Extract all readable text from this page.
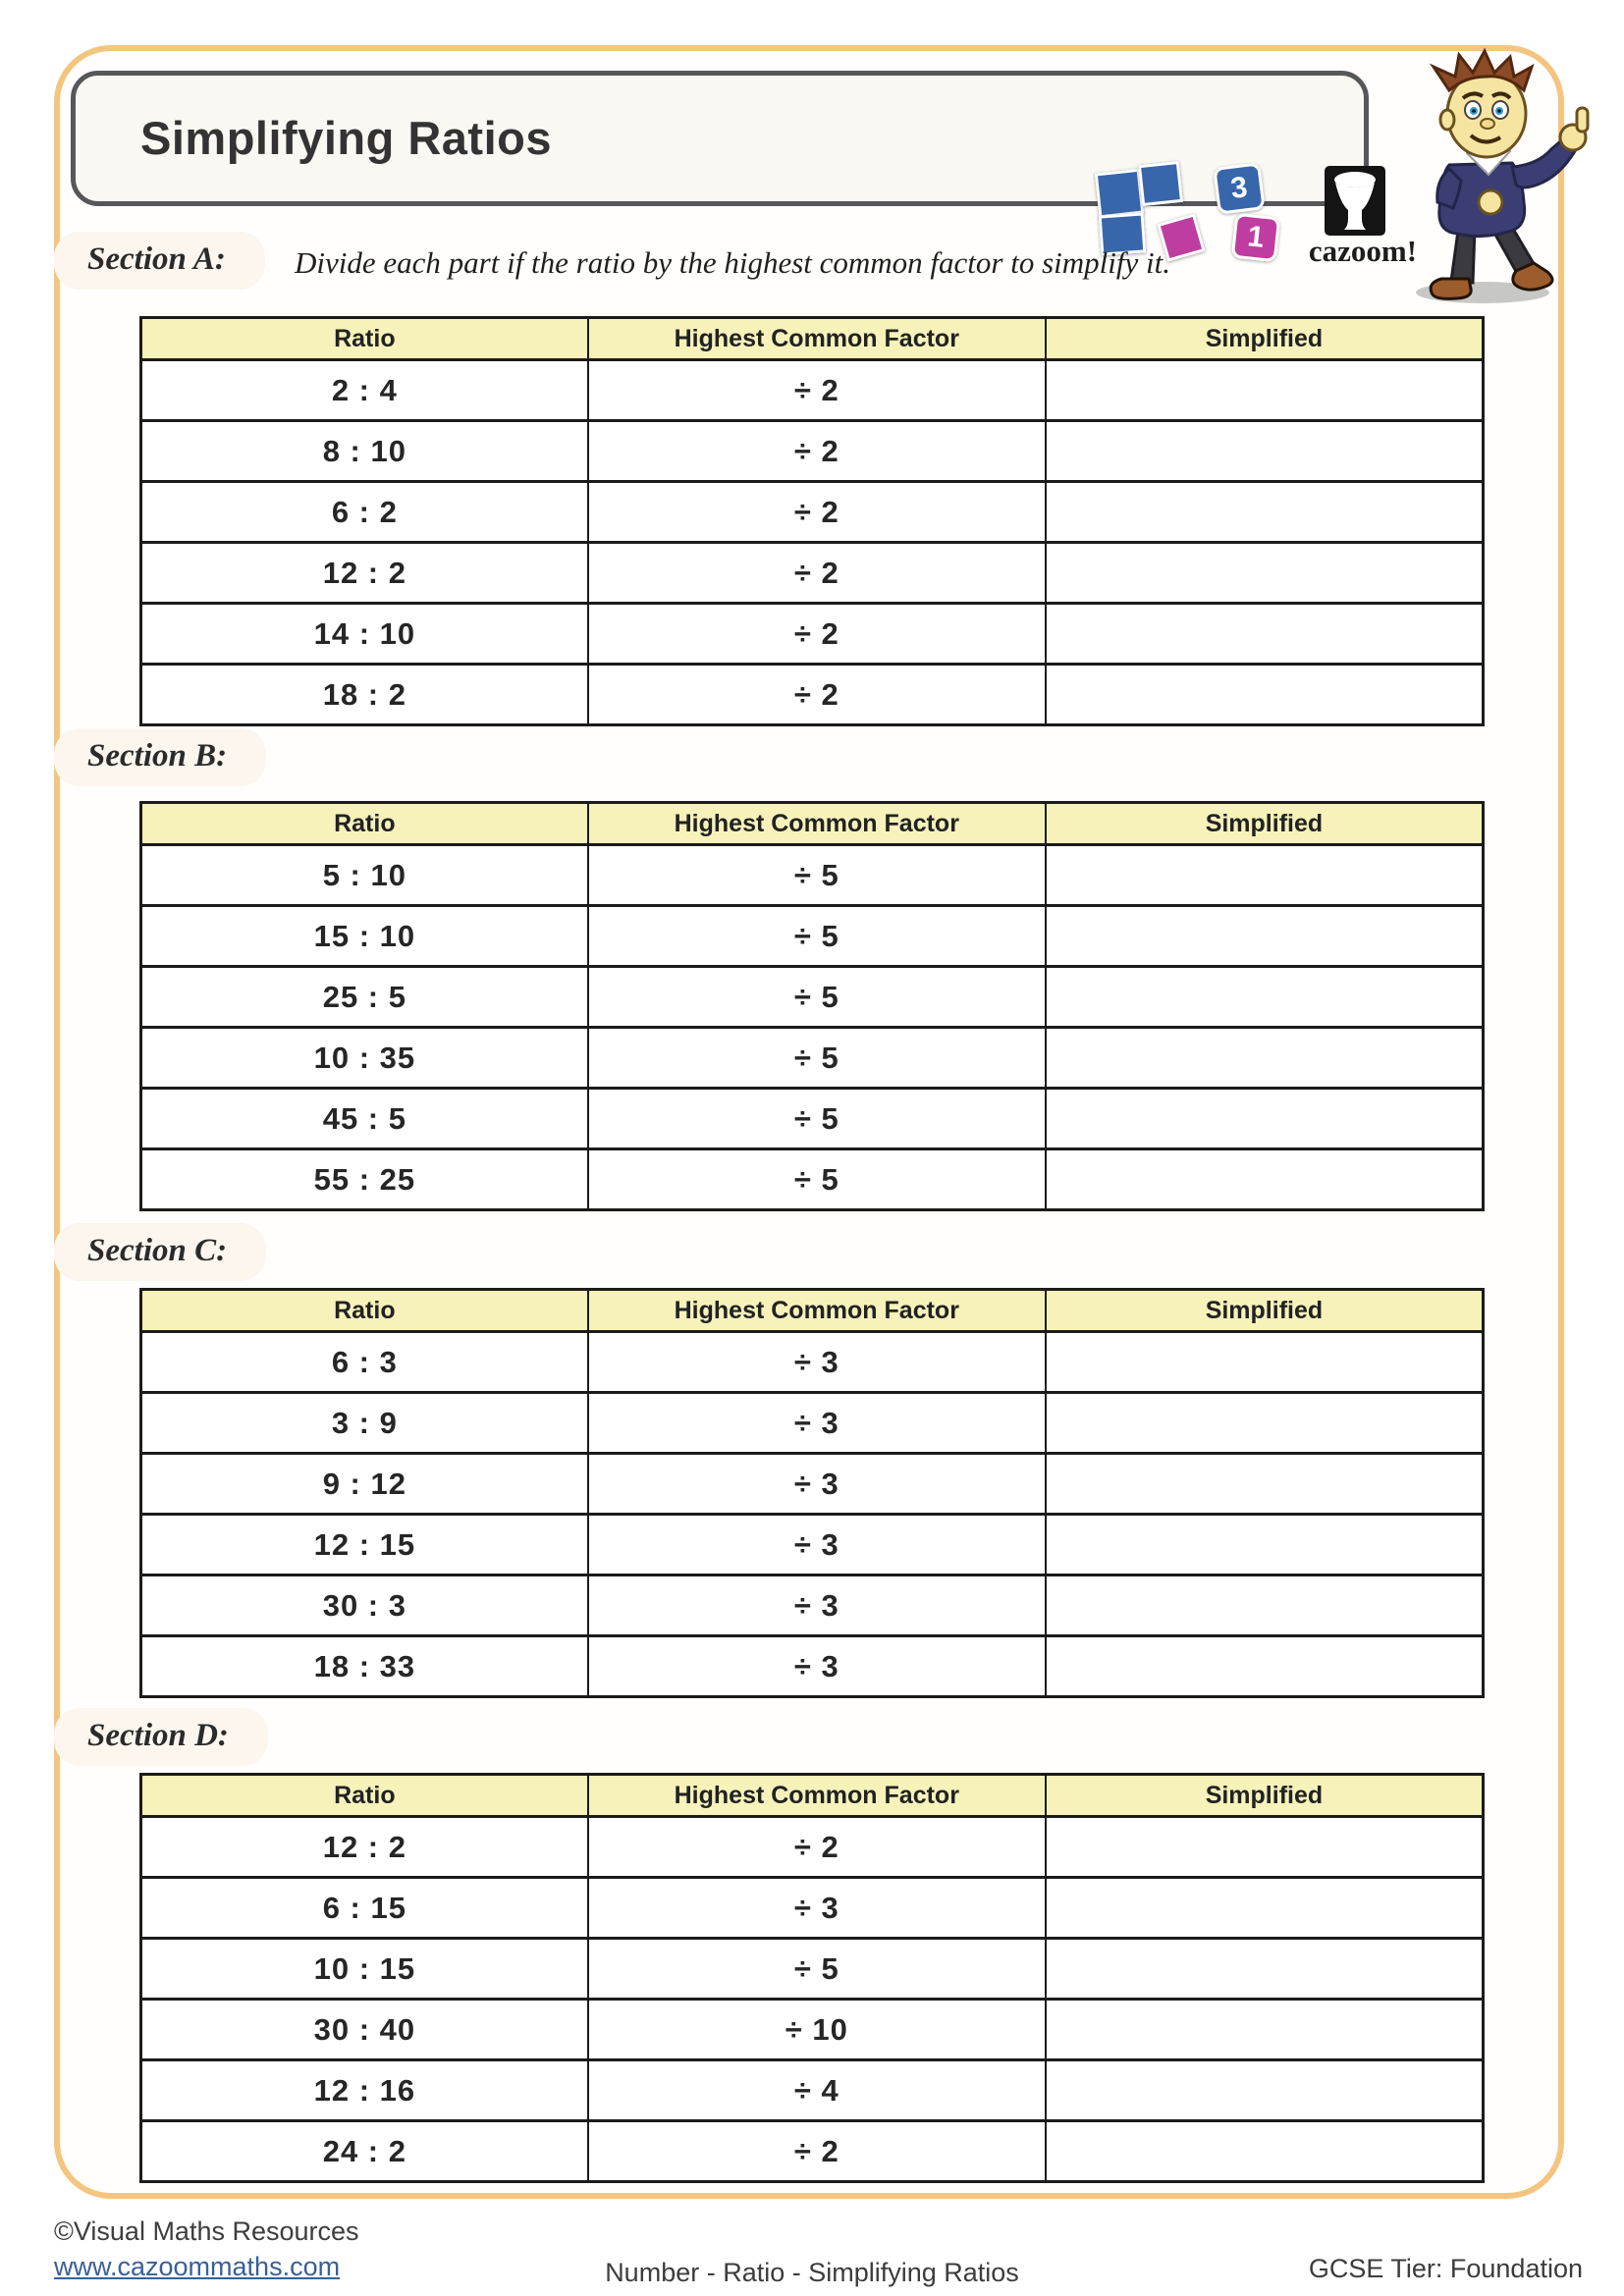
Simplifying Ratios
3
1	cazoom!
Section A:	Divide each part if the ratio by the highest common factor to simplify it.
Ratio	Highest Common Factor	Simplified
2 : 4	÷ 2	
8 : 10	÷ 2	
6 : 2	÷ 2	
12 : 2	÷ 2	
14 : 10	÷ 2	
18 : 2	÷ 2	
Section B:
Ratio	Highest Common Factor	Simplified
5 : 10	÷ 5	
15 : 10	÷ 5	
25 : 5	÷ 5	
10 : 35	÷ 5	
45 : 5	÷ 5	
55 : 25	÷ 5	
Section C:
Ratio	Highest Common Factor	Simplified
6 : 3	÷ 3	
3 : 9	÷ 3	
9 : 12	÷ 3	
12 : 15	÷ 3	
30 : 3	÷ 3	
18 : 33	÷ 3	
Section D:
Ratio	Highest Common Factor	Simplified
12 : 2	÷ 2	
6 : 15	÷ 3	
10 : 15	÷ 5	
30 : 40	÷ 10	
12 : 16	÷ 4	
24 : 2	÷ 2	
©Visual Maths Resources
www.cazoommaths.com	Number - Ratio - Simplifying Ratios	GCSE Tier: Foundation
